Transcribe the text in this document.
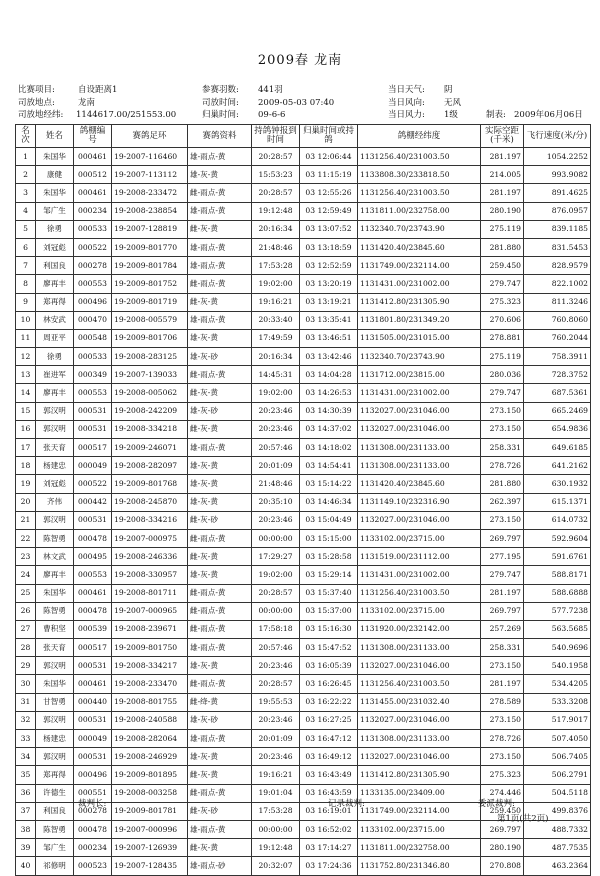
2009春 龙南
比赛项目:	自设距离1	参赛羽数: 441羽	当日天气: 阴
司放地点:	龙南	司放时间: 2009-05-03 07:40	当日风向: 无风
司放地经纬: 1144617.00/251553.00	归巢时间: 09-6-6	当日风力: 1级	制表: 2009年06月06日
名次	姓名	鸽棚编号	赛鸽足环	赛鸽资料	持鸽钟报到时间	归巢时间或持鸽	鸽棚经纬度	实际空距(千米)	飞行速度(米/分)
1	朱国华	000461	19-2007-116460	雄-雨点-黄	20:28:57	03 12:06:44	1131256.40/231003.50	281.197	1054.2252
2	康健	000512	19-2007-113112	雄-灰-黄	15:53:23	03 11:15:19	1133808.30/233818.50	214.005	993.9082
3	朱国华	000461	19-2008-233472	雌-雨点-黄	20:28:57	03 12:55:26	1131256.40/231003.50	281.197	891.4625
4	邹广生	000234	19-2008-238854	雄-雨点-黄	19:12:48	03 12:59:49	1131811.00/232758.00	280.190	876.0957
5	徐勇	000533	19-2007-128819	雌-灰-黄	20:16:34	03 13:07:52	1132340.70/23743.90	275.119	839.1185
6	刘冠彪	000522	19-2009-801770	雄-雨点-黄	21:48:46	03 13:18:59	1131420.40/23845.60	281.880	831.5453
7	利国良	000278	19-2009-801784	雄-雨点-黄	17:53:28	03 12:52:59	1131749.00/232114.00	259.450	828.9579
8	廖再丰	000553	19-2009-801752	雌-雨点-黄	19:02:00	03 13:20:19	1131431.00/231002.00	279.747	822.1002
9	郑再得	000496	19-2009-801719	雌-灰-黄	19:16:21	03 13:19:21	1131412.80/231305.90	275.323	811.3246
10	林安武	000470	19-2008-005579	雄-雨点-黄	20:33:40	03 13:35:41	1131801.80/231349.20	270.606	760.8060
11	周亚平	000548	19-2009-801706	雄-灰-黄	17:49:59	03 13:46:51	1131505.00/231015.00	278.881	760.2044
12	徐勇	000533	19-2008-283125	雄-灰-砂	20:16:34	03 13:42:46	1132340.70/23743.90	275.119	758.3911
13	崔进军	000349	19-2007-139033	雌-雨点-黄	14:45:31	03 14:04:28	1131712.00/23815.00	280.036	728.3752
14	廖再丰	000553	19-2008-005062	雌-灰-黄	19:02:00	03 14:26:53	1131431.00/231002.00	279.747	687.5361
15	郭汉明	000531	19-2008-242209	雄-灰-砂	20:23:46	03 14:30:39	1132027.00/231046.00	273.150	665.2469
16	郭汉明	000531	19-2008-334218	雌-灰-黄	20:23:46	03 14:37:02	1132027.00/231046.00	273.150	654.9836
17	张天育	000517	19-2009-246071	雄-雨点-黄	20:57:46	03 14:18:02	1131308.00/231133.00	258.331	649.6185
18	杨建忠	000049	19-2008-282097	雄-灰-黄	20:01:09	03 14:54:41	1131308.00/231133.00	278.726	641.2162
19	刘冠彪	000522	19-2009-801768	雄-灰-黄	21:48:46	03 15:14:22	1131420.40/23845.60	281.880	630.1932
20	齐伟	000442	19-2008-245870	雄-灰-黄	20:35:10	03 14:46:34	1131149.10/232316.90	262.397	615.1371
21	郭汉明	000531	19-2008-334216	雌-灰-砂	20:23:46	03 15:04:49	1132027.00/231046.00	273.150	614.0732
22	陈智勇	000478	19-2007-000975	雌-雨点-黄	00:00:00	03 15:15:00	1133102.00/23715.00	269.797	592.9604
23	林文武	000495	19-2008-246336	雌-灰-黄	17:29:27	03 15:28:58	1131519.00/231112.00	277.195	591.6761
24	廖再丰	000553	19-2008-330957	雄-灰-黄	19:02:00	03 15:29:14	1131431.00/231002.00	279.747	588.8171
25	朱国华	000461	19-2008-801711	雌-雨点-黄	20:28:57	03 15:37:40	1131256.40/231003.50	281.197	588.6888
26	陈智勇	000478	19-2007-000965	雌-雨点-黄	00:00:00	03 15:37:00	1133102.00/23715.00	269.797	577.7238
27	曹积坚	000539	19-2008-239671	雌-雨点-黄	17:58:18	03 15:16:30	1131920.00/232142.00	257.269	563.5685
28	张天育	000517	19-2009-801750	雄-雨点-黄	20:57:46	03 15:47:52	1131308.00/231133.00	258.331	540.9696
29	郭汉明	000531	19-2008-334217	雄-灰-黄	20:23:46	03 16:05:39	1132027.00/231046.00	273.150	540.1958
30	朱国华	000461	19-2008-233470	雌-雨点-黄	20:28:57	03 16:26:45	1131256.40/231003.50	281.197	534.4205
31	甘智勇	000440	19-2008-801755	雌-绛-黄	19:55:53	03 16:22:22	1131455.00/231032.40	278.589	533.3208
32	郭汉明	000531	19-2008-240588	雄-灰-砂	20:23:46	03 16:27:25	1132027.00/231046.00	273.150	517.9017
33	杨建忠	000049	19-2008-282064	雄-雨点-黄	20:01:09	03 16:47:12	1131308.00/231133.00	278.726	507.4050
34	郭汉明	000531	19-2008-246929	雄-灰-黄	20:23:46	03 16:49:12	1132027.00/231046.00	273.150	506.7405
35	郑再得	000496	19-2009-801895	雌-灰-黄	19:16:21	03 16:43:49	1131412.80/231305.90	275.323	506.2791
36	许德生	000551	19-2008-003258	雌-雨点-黄	19:01:04	03 16:43:59	1133135.00/23409.00	274.446	504.5118
37	利国良	000278	19-2009-801781	雌-灰-砂	17:53:28	03 16:19:01	1131749.00/232114.00	259.450	499.8376
38	陈智勇	000478	19-2007-000996	雄-雨点-黄	00:00:00	03 16:52:02	1133102.00/23715.00	269.797	488.7332
39	邹广生	000234	19-2007-126939	雌-灰-黄	19:12:48	03 17:14:27	1131811.00/232758.00	280.190	487.7535
40	祁修明	000523	19-2007-128435	雄-雨点-砂	20:32:07	03 17:24:36	1131752.80/231346.80	270.808	463.2364
裁判长:	记录裁判:	委派裁判:
第1页(共2页)
